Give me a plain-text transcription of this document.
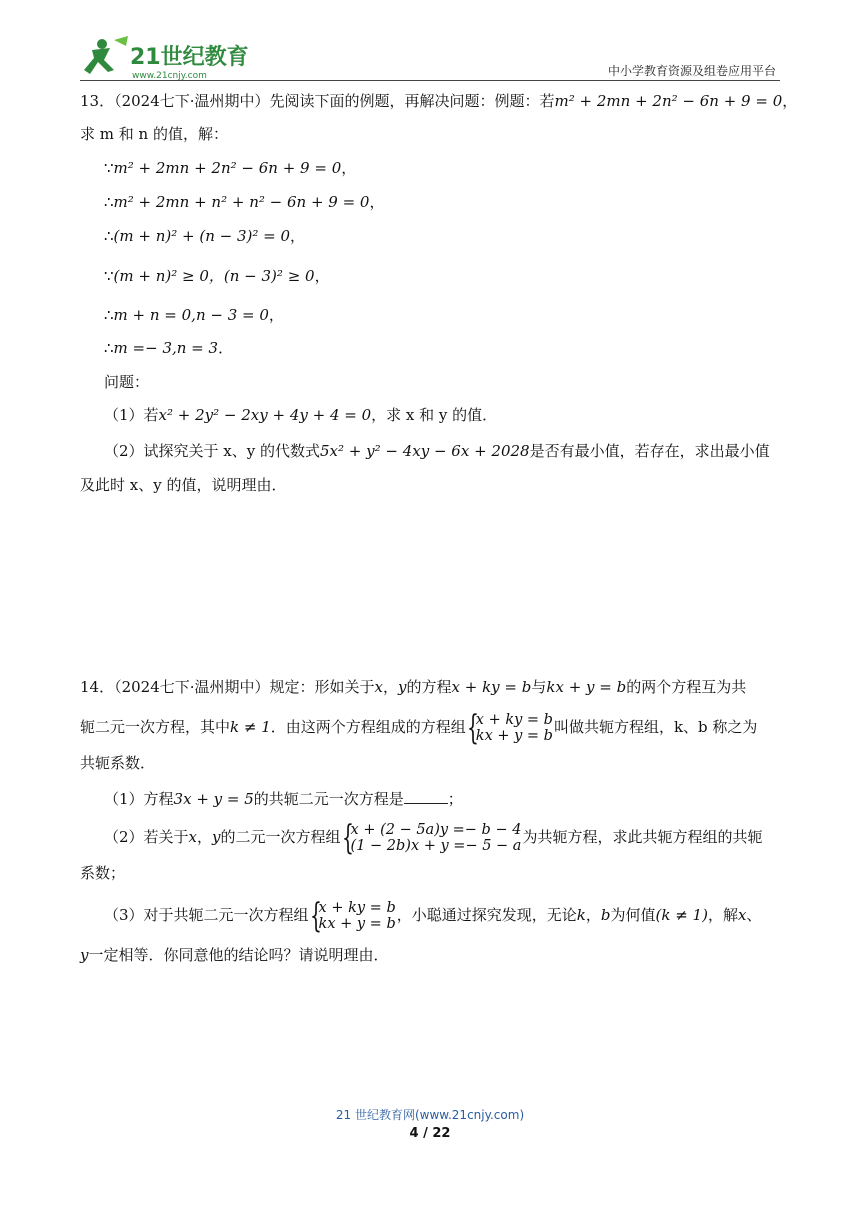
21世纪教育
www.21cnjy.com	中小学教育资源及组卷应用平台
13．（2024七下·温州期中）先阅读下面的例题，再解决问题：例题：若m² + 2mn + 2n² − 6n + 9 = 0，
求 m 和 n 的值，解：
∵m² + 2mn + 2n² − 6n + 9 = 0，
∴m² + 2mn + n² + n² − 6n + 9 = 0，
∴(m + n)² + (n − 3)² = 0，
∵(m + n)² ≥ 0，(n − 3)² ≥ 0，
∴m + n = 0,n − 3 = 0，
∴m =− 3,n = 3．
问题：
（1）若x² + 2y² − 2xy + 4y + 4 = 0，求 x 和 y 的值．
（2）试探究关于 x、y 的代数式5x² + y² − 4xy − 6x + 2028是否有最小值，若存在，求出最小值
及此时 x、y 的值，说明理由．
14．（2024七下·温州期中）规定：形如关于x，y的方程x + ky = b与kx + y = b的两个方程互为共
轭二元一次方程，其中k ≠ 1．由这两个方程组成的方程组 {
x + ky = b
kx + y = b 叫做共轭方程组，k、b 称之为
共轭系数．
（1）方程3x + y = 5的共轭二元一次方程是	；
（2）若关于x，y的二元一次方程组 {
x + (2 − 5a)y =− b − 4
(1 − 2b)x + y =− 5 − a 为共轭方程，求此共轭方程组的共轭
系数；
（3）对于共轭二元一次方程组 {
x + ky = b
kx + y = b ，小聪通过探究发现，无论k，b为何值(k ≠ 1)，解x、
y一定相等．你同意他的结论吗？请说明理由．
21 世纪教育网(www.21cnjy.com)
4 / 22
